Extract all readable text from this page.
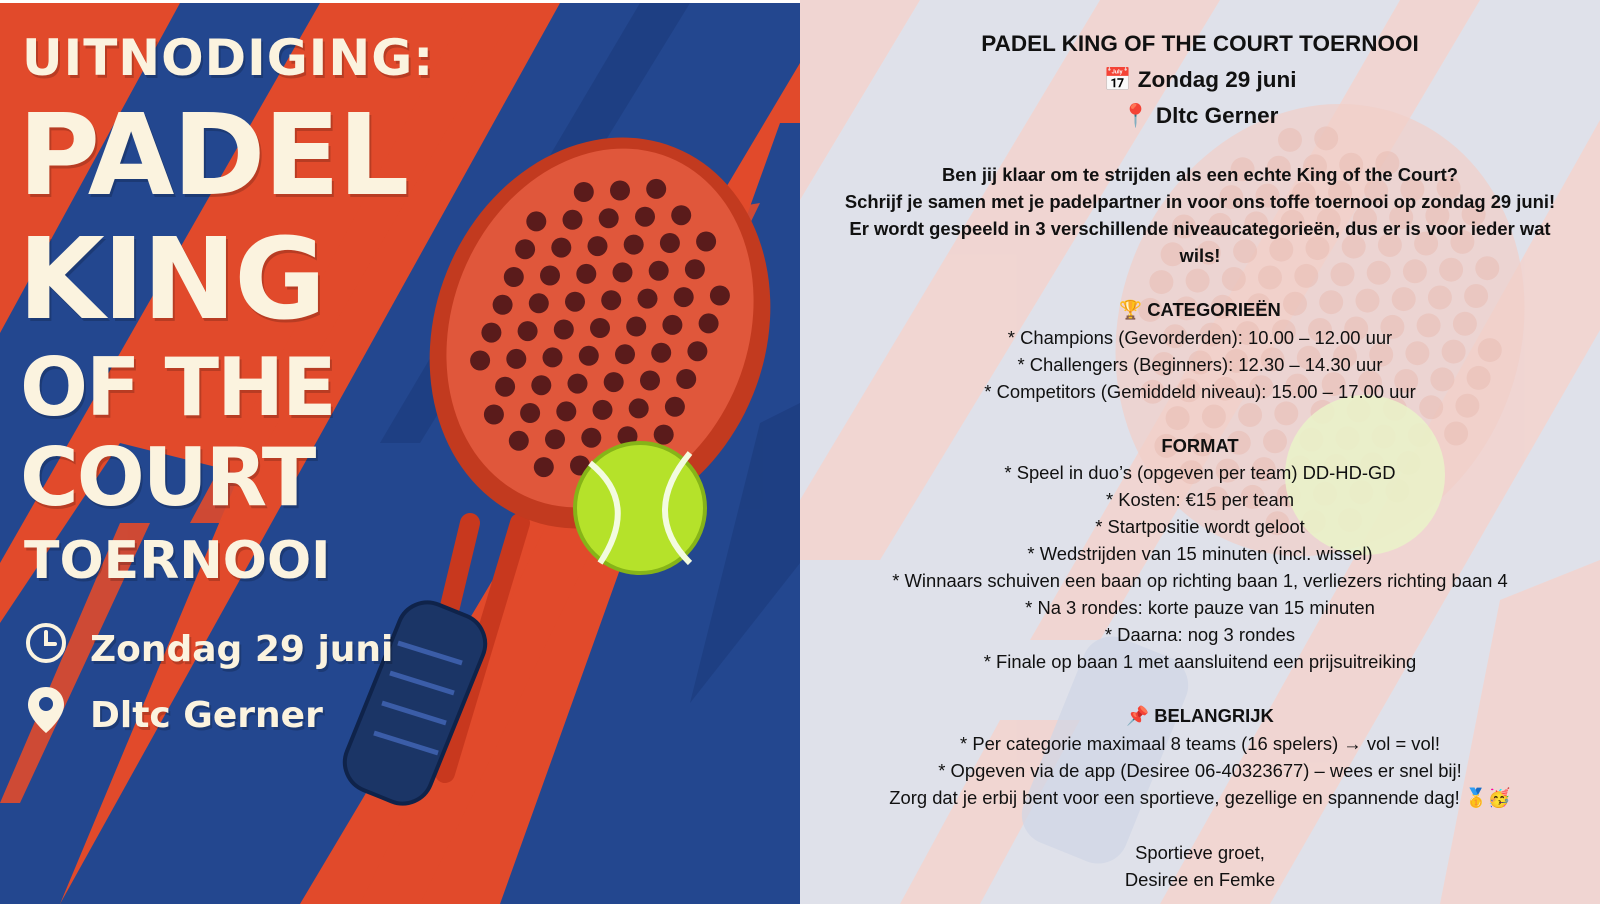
UITNODIGING:
PADEL
KING
OF THE
COURT
TOERNOOI
Zondag 29 juni
Dltc Gerner
PADEL KING OF THE COURT TOERNOOI
📅 Zondag 29 juni
📍 Dltc Gerner
Ben jij klaar om te strijden als een echte King of the Court?
Schrijf je samen met je padelpartner in voor ons toffe toernooi op zondag 29 juni!
Er wordt gespeeld in 3 verschillende niveaucategorieën, dus er is voor ieder wat
wils!
🏆 CATEGORIEËN
* Champions (Gevorderden): 10.00 – 12.00 uur
* Challengers (Beginners): 12.30 – 14.30 uur
* Competitors (Gemiddeld niveau): 15.00 – 17.00 uur
FORMAT
* Speel in duo’s (opgeven per team) DD-HD-GD
* Kosten: €15 per team
* Startpositie wordt geloot
* Wedstrijden van 15 minuten (incl. wissel)
* Winnaars schuiven een baan op richting baan 1, verliezers richting baan 4
* Na 3 rondes: korte pauze van 15 minuten
* Daarna: nog 3 rondes
* Finale op baan 1 met aansluitend een prijsuitreiking
📌 BELANGRIJK
* Per categorie maximaal 8 teams (16 spelers) → vol = vol!
* Opgeven via de app (Desiree 06-40323677) – wees er snel bij!
Zorg dat je erbij bent voor een sportieve, gezellige en spannende dag! 🥇🥳
Sportieve groet,
Desiree en Femke
